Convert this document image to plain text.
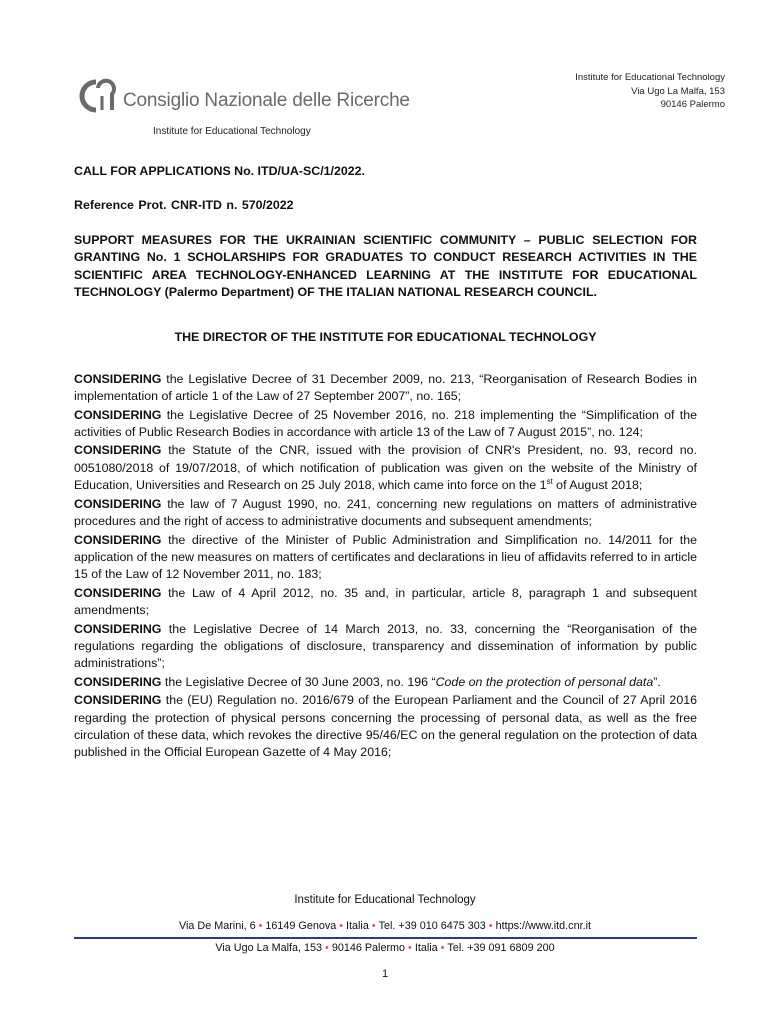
Consiglio Nazionale delle Ricerche
Institute for Educational Technology
Institute for Educational Technology
Via Ugo La Malfa, 153
90146 Palermo

CALL FOR APPLICATIONS No. ITD/UA-SC/1/2022.

Reference Prot. CNR-ITD n. 570/2022

SUPPORT MEASURES FOR THE UKRAINIAN SCIENTIFIC COMMUNITY – PUBLIC SELECTION FOR GRANTING No. 1 SCHOLARSHIPS FOR GRADUATES TO CONDUCT RESEARCH ACTIVITIES IN THE SCIENTIFIC AREA TECHNOLOGY-ENHANCED LEARNING AT THE INSTITUTE FOR EDUCATIONAL TECHNOLOGY (Palermo Department) OF THE ITALIAN NATIONAL RESEARCH COUNCIL.

THE DIRECTOR OF THE INSTITUTE FOR EDUCATIONAL TECHNOLOGY

CONSIDERING the Legislative Decree of 31 December 2009, no. 213, “Reorganisation of Research Bodies in implementation of article 1 of the Law of 27 September 2007”, no. 165;

CONSIDERING the Legislative Decree of 25 November 2016, no. 218 implementing the “Simplification of the activities of Public Research Bodies in accordance with article 13 of the Law of 7 August 2015”, no. 124;

CONSIDERING the Statute of the CNR, issued with the provision of CNR's President, no. 93, record no. 0051080/2018 of 19/07/2018, of which notification of publication was given on the website of the Ministry of Education, Universities and Research on 25 July 2018, which came into force on the 1st of August 2018;

CONSIDERING the law of 7 August 1990, no. 241, concerning new regulations on matters of administrative procedures and the right of access to administrative documents and subsequent amendments;

CONSIDERING the directive of the Minister of Public Administration and Simplification no. 14/2011 for the application of the new measures on matters of certificates and declarations in lieu of affidavits referred to in article 15 of the Law of 12 November 2011, no. 183;

CONSIDERING the Law of 4 April 2012, no. 35 and, in particular, article 8, paragraph 1 and subsequent amendments;

CONSIDERING the Legislative Decree of 14 March 2013, no. 33, concerning the “Reorganisation of the regulations regarding the obligations of disclosure, transparency and dissemination of information by public administrations”;

CONSIDERING the Legislative Decree of 30 June 2003, no. 196 “Code on the protection of personal data”.

CONSIDERING the (EU) Regulation no. 2016/679 of the European Parliament and the Council of 27 April 2016 regarding the protection of physical persons concerning the processing of personal data, as well as the free circulation of these data, which revokes the directive 95/46/EC on the general regulation on the protection of data published in the Official European Gazette of 4 May 2016;

Institute for Educational Technology
Via De Marini, 6 • 16149 Genova • Italia • Tel. +39 010 6475 303 • https://www.itd.cnr.it
Via Ugo La Malfa, 153 • 90146 Palermo • Italia • Tel. +39 091 6809 200
1
